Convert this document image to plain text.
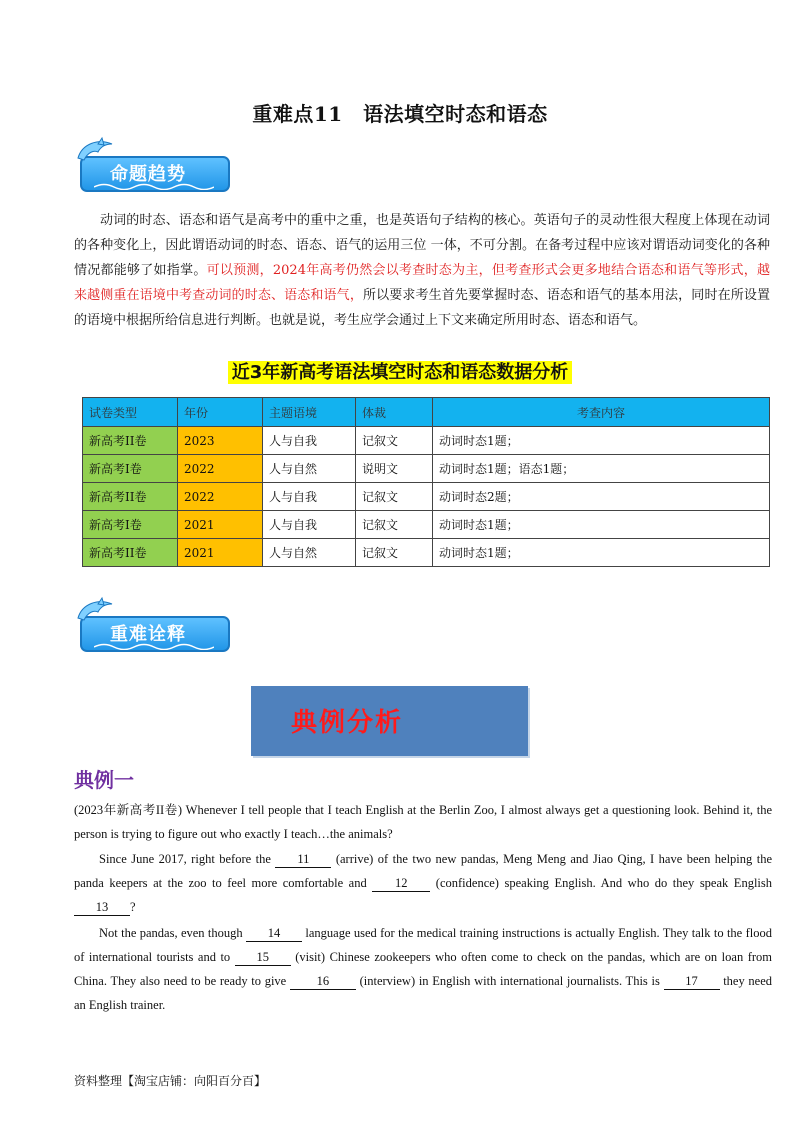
重难点11　语法填空时态和语态
命题趋势

动词的时态、语态和语气是高考中的重中之重，也是英语句子结构的核心。英语句子的灵动性很大程度上体现在动词的各种变化上，因此谓语动词的时态、语态、语气的运用三位 一体，不可分割。在备考过程中应该对谓语动词变化的各种情况都能够了如指掌。可以预测，2024年高考仍然会以考查时态为主，但考查形式会更多地结合语态和语气等形式，越来越侧重在语境中考查动词的时态、语态和语气，所以要求考生首先要掌握时态、语态和语气的基本用法，同时在所设置的语境中根据所给信息进行判断。也就是说，考生应学会通过上下文来确定所用时态、语态和语气。

近3年新高考语法填空时态和语态数据分析
试卷类型	年份	主题语境	体裁	考查内容
新高考II卷	2023	人与自我	记叙文	动词时态1题；
新高考I卷	2022	人与自然	说明文	动词时态1题；语态1题；
新高考II卷	2022	人与自我	记叙文	动词时态2题；
新高考I卷	2021	人与自我	记叙文	动词时态1题；
新高考II卷	2021	人与自然	记叙文	动词时态1题；
重难诠释
典例分析
典例一

(2023年新高考II卷) Whenever I tell people that I teach English at the Berlin Zoo, I almost always get a questioning look. Behind it, the person is trying to figure out who exactly I teach…the animals?

Since June 2017, right before the 11 (arrive) of the two new pandas, Meng Meng and Jiao Qing, I have been helping the panda keepers at the zoo to feel more comfortable and 12 (confidence) speaking English. And who do they speak English 13 ?

Not the pandas, even though 14 language used for the medical training instructions is actually English. They talk to the flood of international tourists and to 15 (visit) Chinese zookeepers who often come to check on the pandas, which are on loan from China. They also need to be ready to give 16 (interview) in English with international journalists. This is 17 they need an English trainer.

资料整理【淘宝店铺：向阳百分百】
